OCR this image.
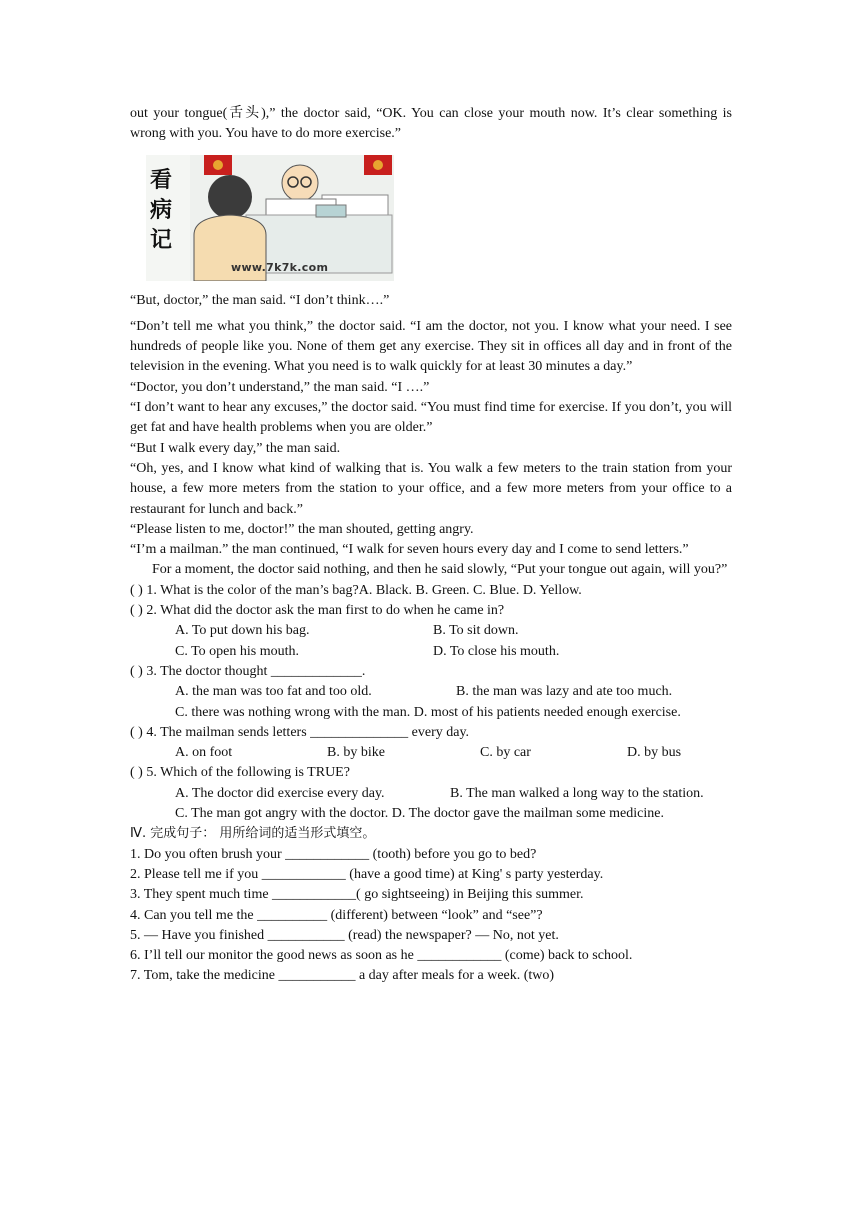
out your tongue(舌头),” the doctor said, “OK. You can close your mouth now. It’s clear something is wrong with you. You have to do more exercise.”

看
病
记
www.7k7k.com

“But, doctor,” the man said. “I don’t think….”

“Don’t tell me what you think,” the doctor said. “I am the doctor, not you. I know what your need. I see hundreds of people like you. None of them get any exercise. They sit in offices all day and in front of the television in the evening. What you need is to walk quickly for at least 30 minutes a day.”

“Doctor, you don’t understand,” the man said. “I ….”

“I don’t want to hear any excuses,” the doctor said. “You must find time for exercise. If you don’t, you will get fat and have health problems when you are older.”

“But I walk every day,” the man said.

“Oh, yes, and I know what kind of walking that is. You walk a few meters to the train station from your house, a few more meters from the station to your office, and a few more meters from your office to a restaurant for lunch and back.”

“Please listen to me, doctor!” the man shouted, getting angry.

“I’m a mailman.” the man continued, “I walk for seven hours every day and I come to send letters.”

For a moment, the doctor said nothing, and then he said slowly, “Put your tongue out again, will you?”

( ) 1. What is the color of the man’s bag?A. Black. B. Green. C. Blue. D. Yellow.

( ) 2. What did the doctor ask the man first to do when he came in?

A. To put down his bag.	B. To sit down.
C. To open his mouth.	D. To close his mouth.

( ) 3. The doctor thought _____________.

A. the man was too fat and too old.	B. the man was lazy and ate too much.

C. there was nothing wrong with the man. D. most of his patients needed enough exercise.

( ) 4. The mailman sends letters ______________ every day.

A. on foot	B. by bike	C. by car	D. by bus

( ) 5. Which of the following is TRUE?

A. The doctor did exercise every day.	B. The man walked a long way to the station.

C. The man got angry with the doctor. D. The doctor gave the mailman some medicine.

Ⅳ. 完成句子： 用所给词的适当形式填空。

1. Do you often brush your ____________ (tooth) before you go to bed?

2. Please tell me if you ____________ (have a good time) at King' s party yesterday.

3. They spent much time ____________( go sightseeing) in Beijing this summer.

4. Can you tell me the __________ (different) between “look” and “see”?

5. — Have you finished ___________ (read) the newspaper? — No, not yet.

6. I’ll tell our monitor the good news as soon as he ____________ (come) back to school.

7. Tom, take the medicine ___________ a day after meals for a week. (two)
